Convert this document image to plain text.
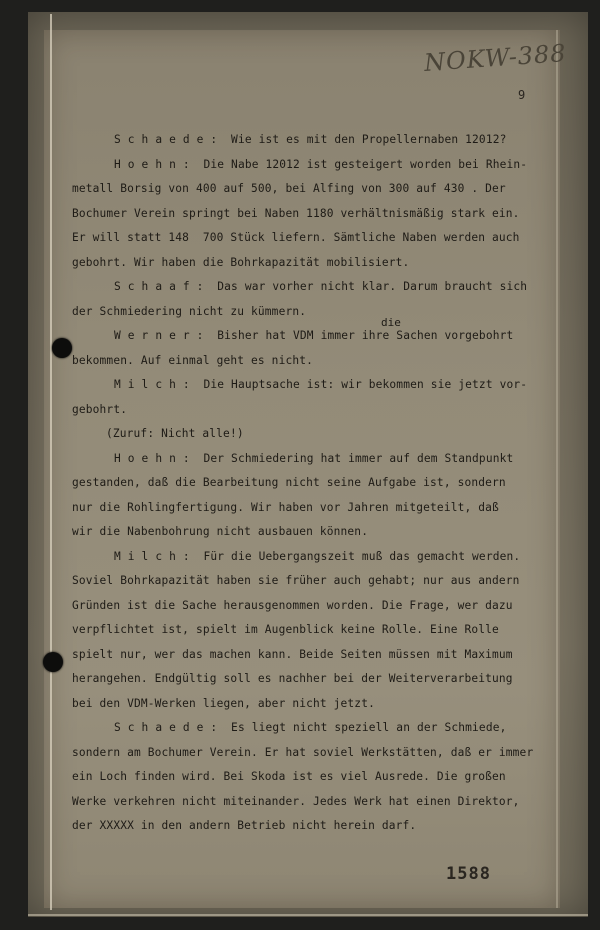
NOKW-388
9
die
S c h a e d e :  Wie ist es mit den Propellernaben 12012?
H o e h n :  Die Nabe 12012 ist gesteigert worden bei Rhein-
metall Borsig von 400 auf 500, bei Alfing von 300 auf 430 . Der
Bochumer Verein springt bei Naben 1180 verhältnismäßig stark ein.
Er will statt 148  700 Stück liefern. Sämtliche Naben werden auch
gebohrt. Wir haben die Bohrkapazität mobilisiert.
S c h a a f :  Das war vorher nicht klar. Darum braucht sich
der Schmiedering nicht zu kümmern.
W e r n e r :  Bisher hat VDM immer ihre Sachen vorgebohrt
bekommen. Auf einmal geht es nicht.
M i l c h :  Die Hauptsache ist: wir bekommen sie jetzt vor-
gebohrt.
(Zuruf: Nicht alle!)
H o e h n :  Der Schmiedering hat immer auf dem Standpunkt
gestanden, daß die Bearbeitung nicht seine Aufgabe ist, sondern
nur die Rohlingfertigung. Wir haben vor Jahren mitgeteilt, daß
wir die Nabenbohrung nicht ausbauen können.
M i l c h :  Für die Uebergangszeit muß das gemacht werden.
Soviel Bohrkapazität haben sie früher auch gehabt; nur aus andern
Gründen ist die Sache herausgenommen worden. Die Frage, wer dazu
verpflichtet ist, spielt im Augenblick keine Rolle. Eine Rolle
spielt nur, wer das machen kann. Beide Seiten müssen mit Maximum
herangehen. Endgültig soll es nachher bei der Weiterverarbeitung
bei den VDM-Werken liegen, aber nicht jetzt.
S c h a e d e :  Es liegt nicht speziell an der Schmiede,
sondern am Bochumer Verein. Er hat soviel Werkstätten, daß er immer
ein Loch finden wird. Bei Skoda ist es viel Ausrede. Die großen
Werke verkehren nicht miteinander. Jedes Werk hat einen Direktor,
der XXXXX in den andern Betrieb nicht herein darf.
1588
